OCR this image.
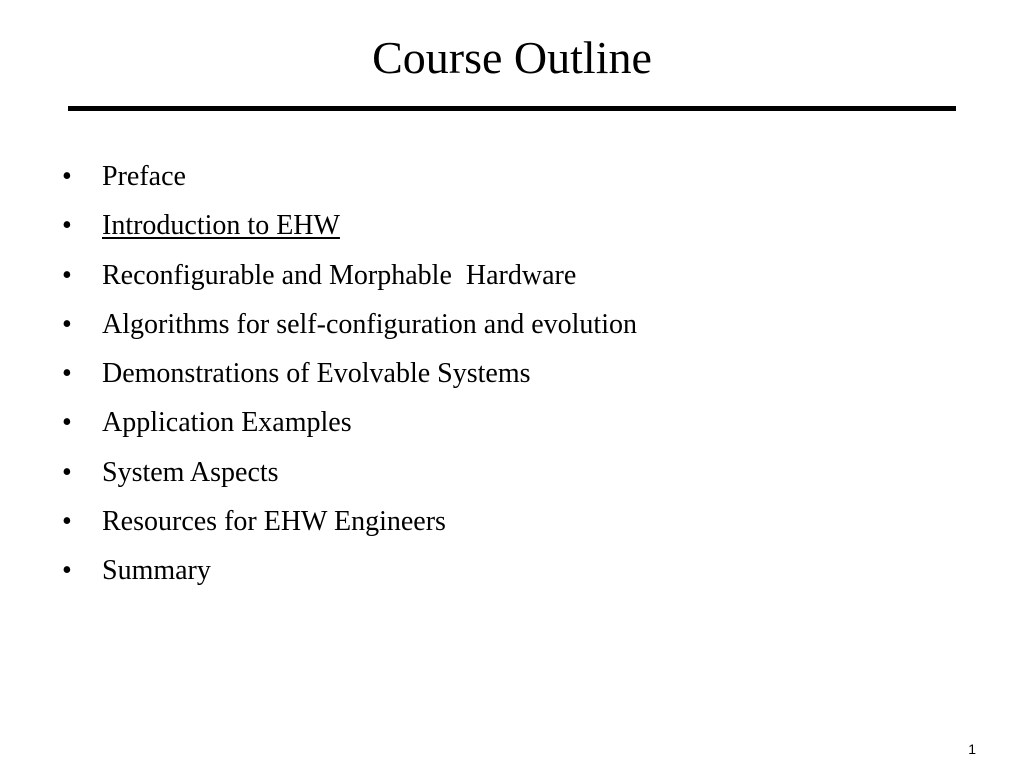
Course Outline

•

	Preface

•

	Introduction to EHW

•

	Reconfigurable and Morphable  Hardware

•

	Algorithms for self-configuration and evolution

•

	Demonstrations of Evolvable Systems

•

	Application Examples

•

	System Aspects

•

	Resources for EHW Engineers

•

	Summary

1
